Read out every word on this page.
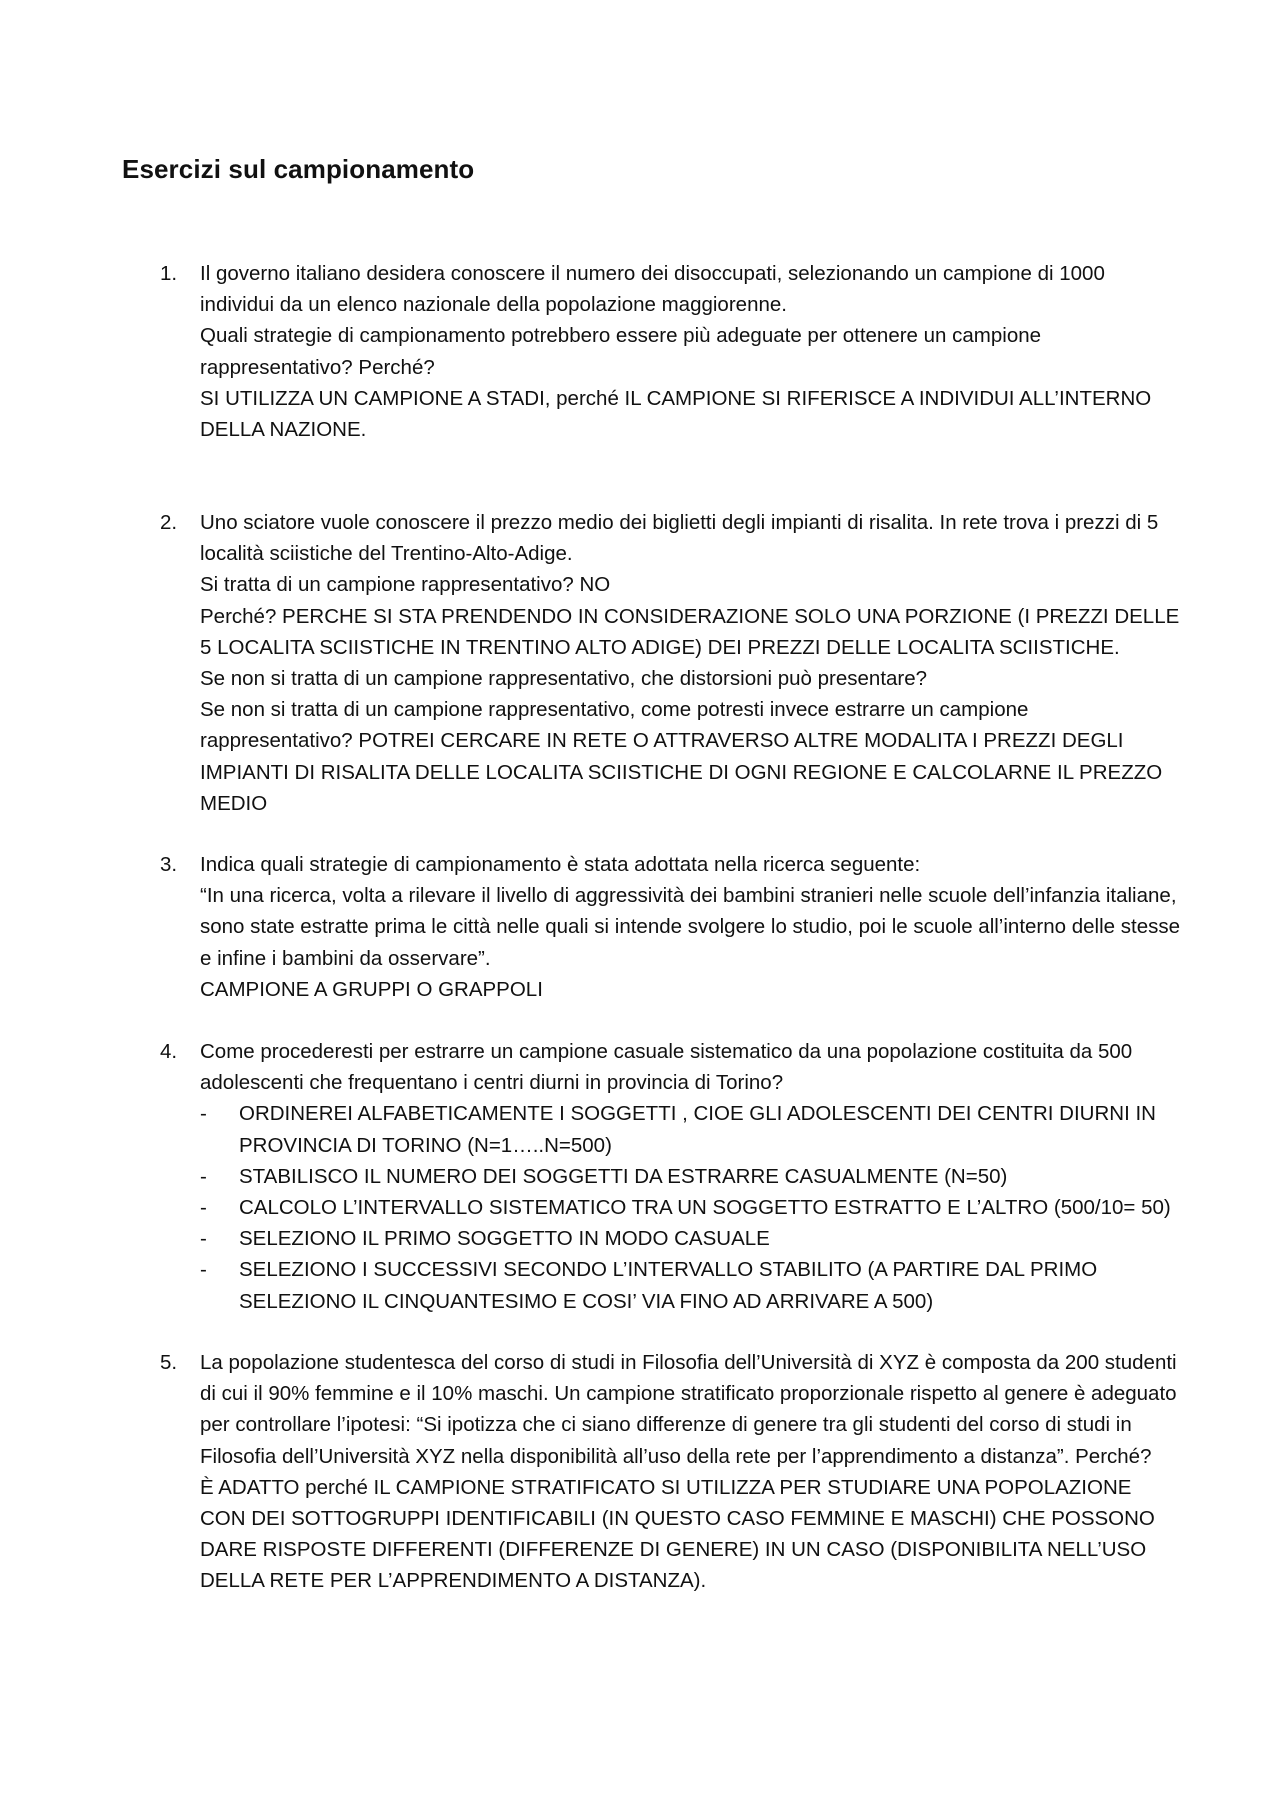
Esercizi sul campionamento
1.	Il governo italiano desidera conoscere il numero dei disoccupati, selezionando un campione di 1000 individui da un elenco nazionale della popolazione maggiorenne.
Quali strategie di campionamento potrebbero essere più adeguate per ottenere un campione rappresentativo? Perché?
SI UTILIZZA UN CAMPIONE A STADI, perché IL CAMPIONE SI RIFERISCE A INDIVIDUI ALL’INTERNO DELLA NAZIONE.
2.	Uno sciatore vuole conoscere il prezzo medio dei biglietti degli impianti di risalita. In rete trova i prezzi di 5 località sciistiche del Trentino-Alto-Adige.
Si tratta di un campione rappresentativo? NO
Perché? PERCHE SI STA PRENDENDO IN CONSIDERAZIONE SOLO UNA PORZIONE (I PREZZI DELLE 5 LOCALITA SCIISTICHE IN TRENTINO ALTO ADIGE) DEI PREZZI DELLE LOCALITA SCIISTICHE.
Se non si tratta di un campione rappresentativo, che distorsioni può presentare?
Se non si tratta di un campione rappresentativo, come potresti invece estrarre un campione rappresentativo? POTREI CERCARE IN RETE O ATTRAVERSO ALTRE MODALITA I PREZZI DEGLI IMPIANTI DI RISALITA DELLE LOCALITA SCIISTICHE DI OGNI REGIONE E CALCOLARNE IL PREZZO MEDIO
3.	Indica quali strategie di campionamento è stata adottata nella ricerca seguente:
“In una ricerca, volta a rilevare il livello di aggressività dei bambini stranieri nelle scuole dell’infanzia italiane, sono state estratte prima le città nelle quali si intende svolgere lo studio, poi le scuole all’interno delle stesse e infine i bambini da osservare”.
CAMPIONE A GRUPPI O GRAPPOLI
4.	Come procederesti per estrarre un campione casuale sistematico da una popolazione costituita da 500 adolescenti che frequentano i centri diurni in provincia di Torino?
- ORDINEREI ALFABETICAMENTE I SOGGETTI , CIOE GLI ADOLESCENTI DEI CENTRI DIURNI IN PROVINCIA DI TORINO (N=1…..N=500)
- STABILISCO IL NUMERO DEI SOGGETTI DA ESTRARRE CASUALMENTE (N=50)
- CALCOLO L’INTERVALLO SISTEMATICO TRA UN SOGGETTO ESTRATTO E L’ALTRO (500/10= 50)
- SELEZIONO IL PRIMO SOGGETTO IN MODO CASUALE
- SELEZIONO I SUCCESSIVI SECONDO L’INTERVALLO STABILITO (A PARTIRE DAL PRIMO SELEZIONO IL CINQUANTESIMO E COSI’ VIA FINO AD ARRIVARE A 500)
5.	La popolazione studentesca del corso di studi in Filosofia dell’Università di XYZ è composta da 200 studenti di cui il 90% femmine e il 10% maschi. Un campione stratificato proporzionale rispetto al genere è adeguato per controllare l’ipotesi: “Si ipotizza che ci siano differenze di genere tra gli studenti del corso di studi in Filosofia dell’Università XYZ nella disponibilità all’uso della rete per l’apprendimento a distanza”. Perché?
È ADATTO perché IL CAMPIONE STRATIFICATO SI UTILIZZA PER STUDIARE UNA POPOLAZIONE CON DEI SOTTOGRUPPI IDENTIFICABILI (IN QUESTO CASO FEMMINE E MASCHI) CHE POSSONO DARE RISPOSTE DIFFERENTI (DIFFERENZE DI GENERE) IN UN CASO (DISPONIBILITA NELL’USO DELLA RETE PER L’APPRENDIMENTO A DISTANZA).
